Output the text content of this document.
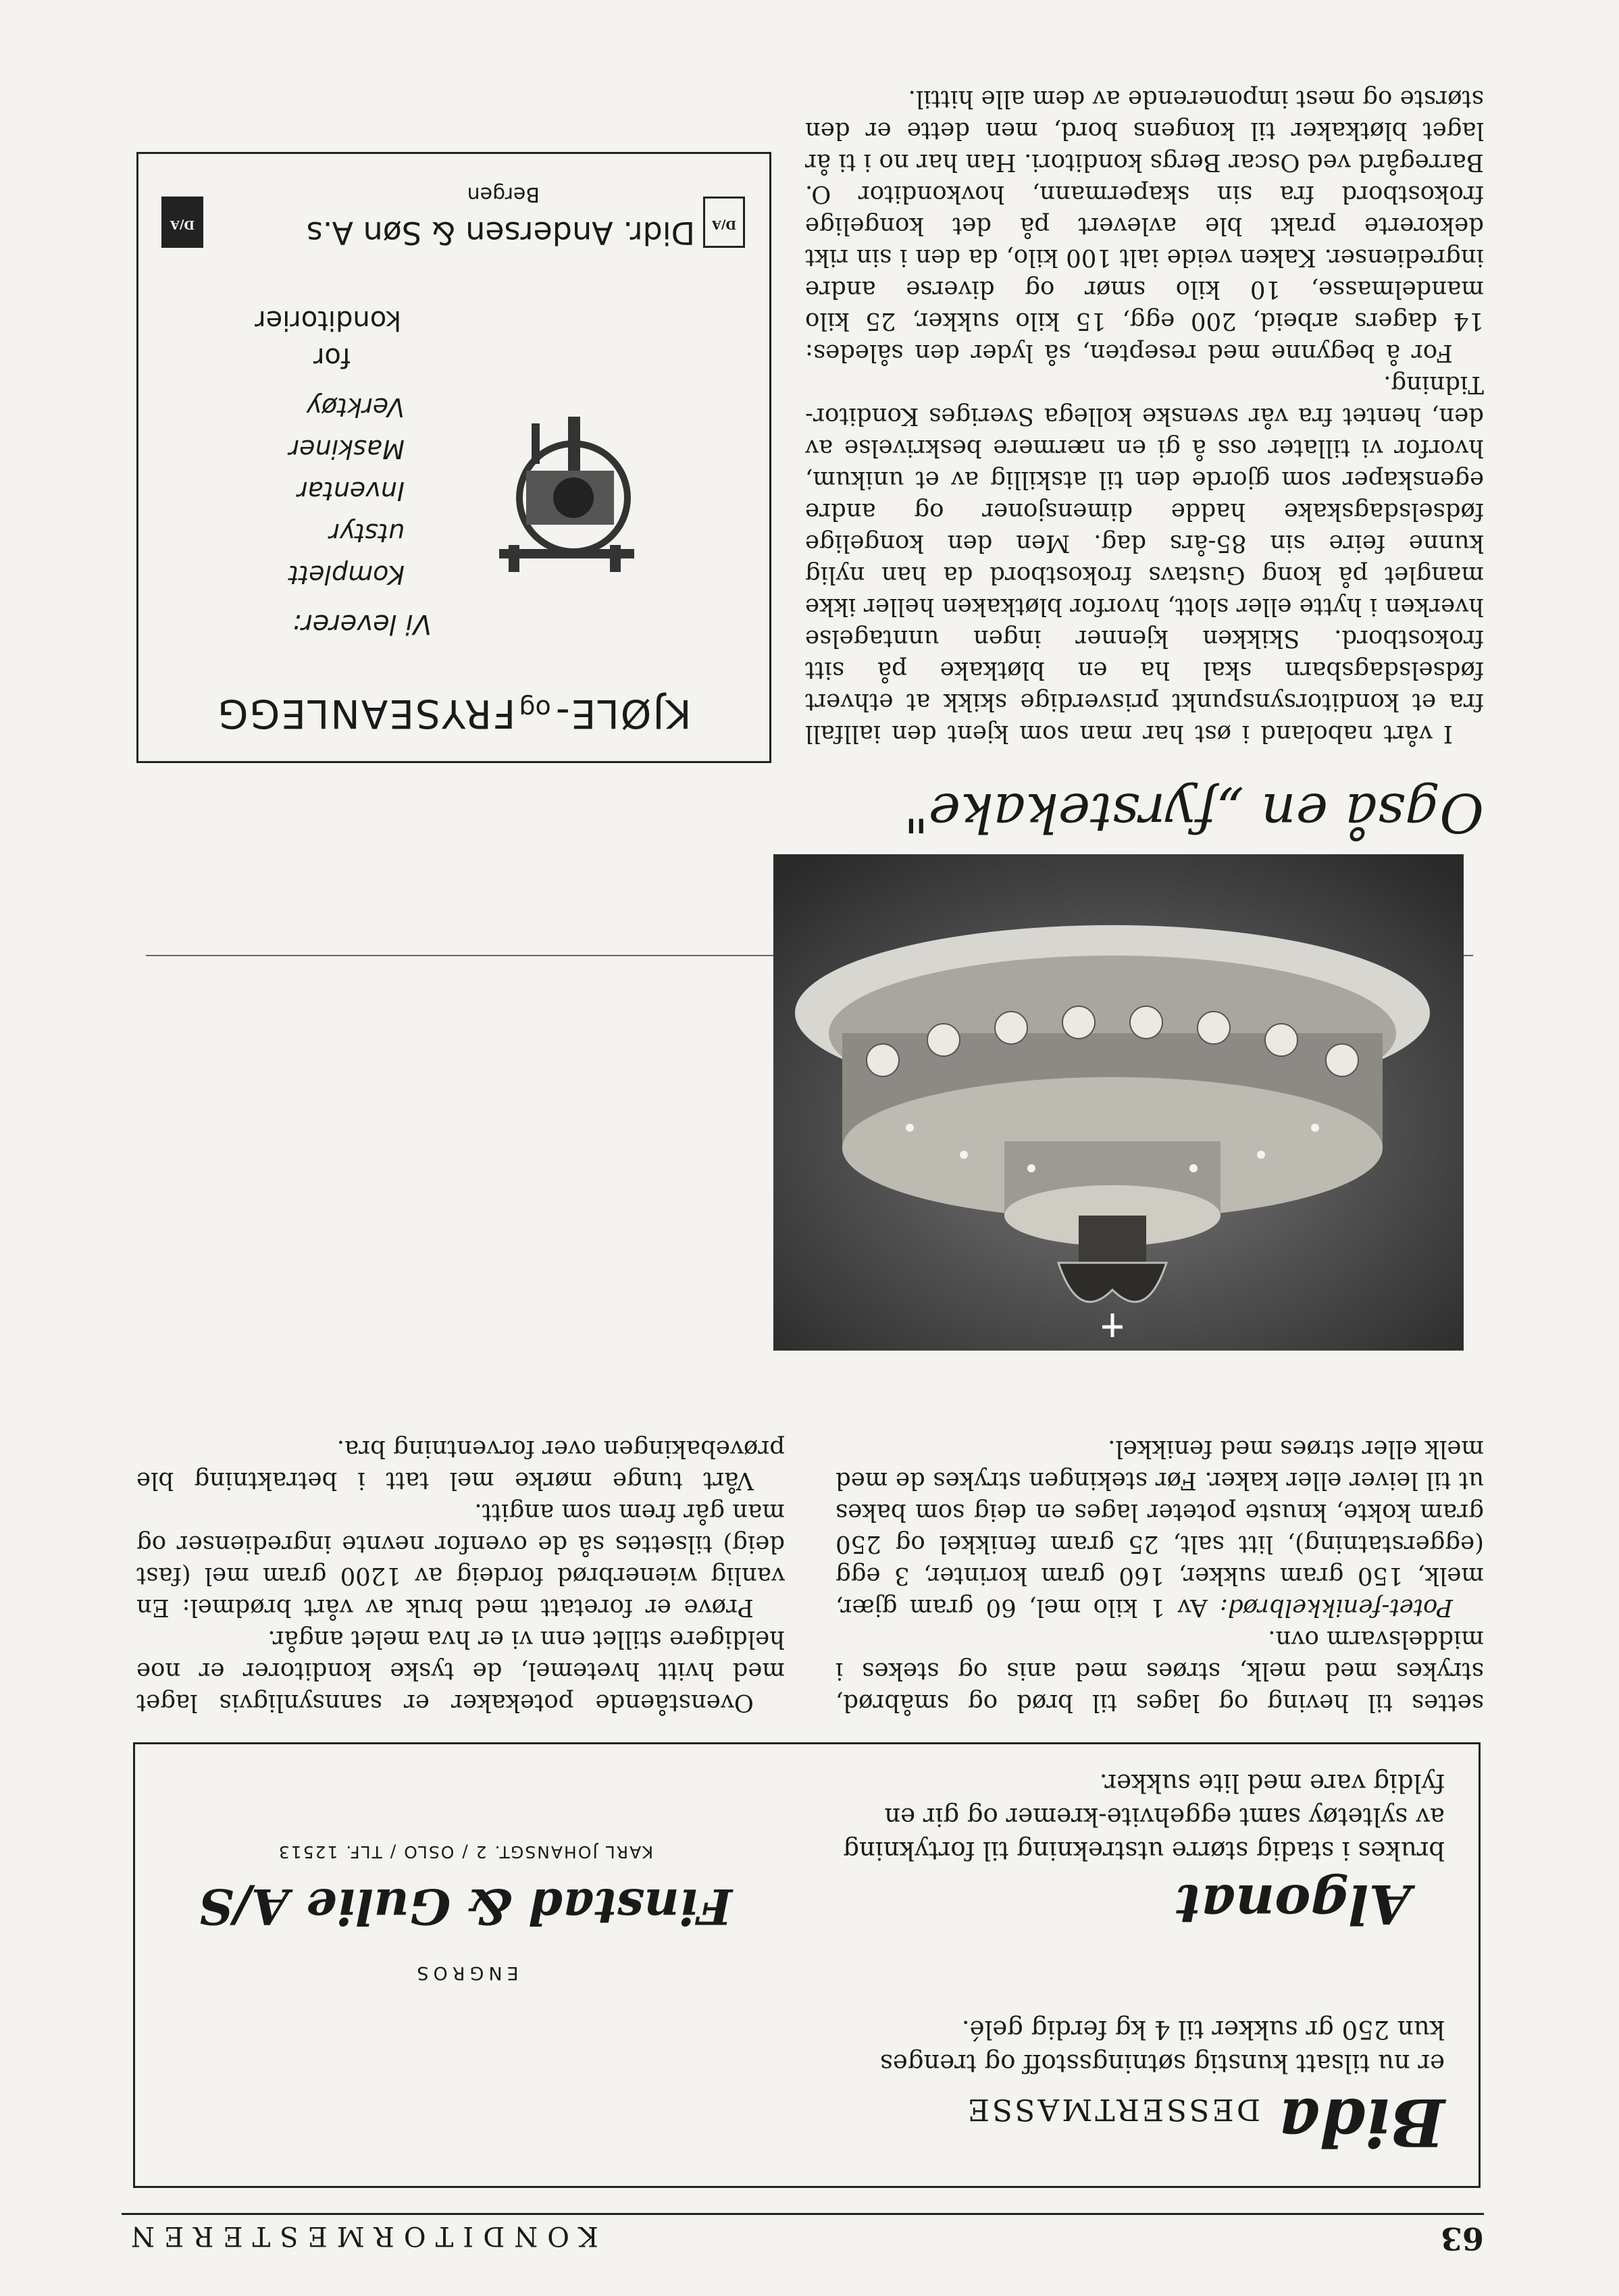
63
KONDITORMESTEREN
Bida
DESSERTMASSE
er nu tilsatt kunstig søtningsstoff og trenges kun 250 gr sukker til 4 kg ferdig gelé.
Algonat
brukes i stadig større utstrekning til fortykning av syltetøy samt eggehvite-kremer og gir en fyldig vare med lite sukker.
ENGROS
Finstad & Gulie A/S
KARL JOHANSGT. 2 / OSLO / TLF. 12513

settes til heving og lages til brød og småbrød, strykes med melk, strøes med anis og stekes i middelsvarm ovn.

Potet-fenikkelbrød: Av 1 kilo mel, 60 gram gjær, melk, 150 gram sukker, 160 gram korinter, 3 egg (eggerstatning), litt salt, 25 gram fenikkel og 250 gram kokte, knuste poteter lages en deig som bakes ut til leiver eller kaker. Før stekingen strykes de med melk eller strøes med fenikkel.

Ovenstående potekaker er sannsynligvis laget med hvitt hvetemel, de tyske konditorer er noe heldigere stillet enn vi er hva melet angår.

Prøve er foretatt med bruk av vårt brødmel: En vanlig wienerbrød fordeig av 1200 gram mel (fast deig) tilsettes så de ovenfor nevnte ingredienser og man går frem som angitt.

Vårt tunge mørke mel tatt i betraktning ble prøvebakingen over forventning bra.

Også en „fyrstekake"

I vårt naboland i øst har man som kjent den iallfall fra et konditorsynspunkt prisverdige skikk at ethvert fødselsdagsbarn skal ha en bløtkake på sitt frokostbord. Skikken kjenner ingen unntagelse hverken i hytte eller slott, hvorfor bløtkaken heller ikke manglet på kong Gustavs frokostbord da han nylig kunne feire sin 85-års dag. Men den kongelige fødselsdagskake hadde dimensjoner og andre egenskaper som gjorde den til atskillig av et unikum, hvorfor vi tillater oss å gi en nærmere beskrivelse av den, hentet fra vår svenske kollega Sveriges Konditor-Tidning.

For å begynne med resepten, så lyder den således: 14 dagers arbeid, 200 egg, 15 kilo sukker, 25 kilo mandelmasse, 10 kilo smør og diverse andre ingredienser. Kaken veide ialt 100 kilo, da den i sin rikt dekorerte prakt ble avlevert på det kongelige frokostbord fra sin skapermann, hovkonditor O. Barregård ved Oscar Bergs konditori. Han har no i ti år laget bløtkaker til kongens bord, men dette er den største og mest imponerende av dem alle hittil.

KJØLE- og FRYSEANLEGG
Vi leverer:
Komplett
utstyr
Inventar
Maskiner
Verktøy
for
konditorier
D/A
Didr. Andersen & Søn A.s
Bergen
D/A
